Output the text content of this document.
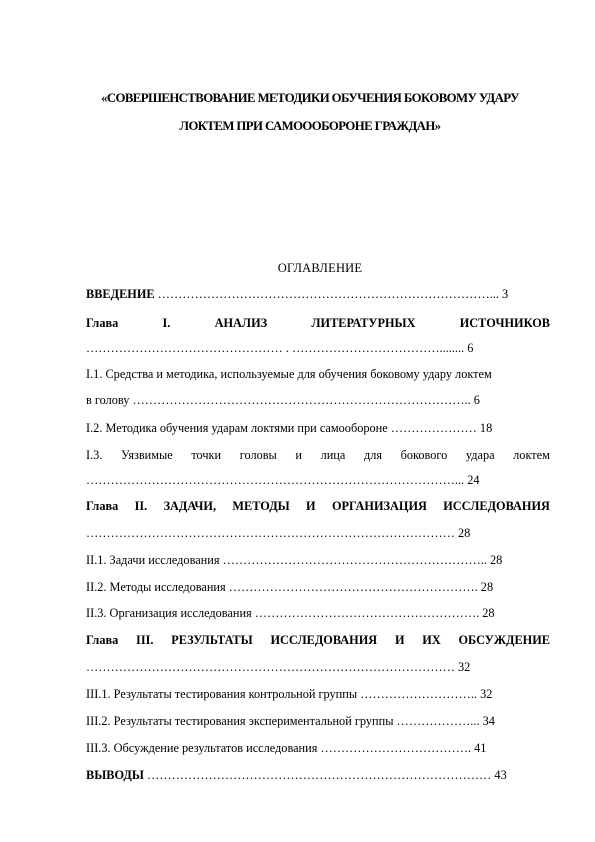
«СОВЕРШЕНСТВОВАНИЕ МЕТОДИКИ ОБУЧЕНИЯ БОКОВОМУ УДАРУ
ЛОКТЕМ ПРИ САМОООБОРОНЕ ГРАЖДАН»
ОГЛАВЛЕНИЕ
ВВЕДЕНИЕ ………………………………………………………………………... 3
Глава	I.	АНАЛИЗ	ЛИТЕРАТУРНЫХ	ИСТОЧНИКОВ
………………………………………… . ………………………………........ 6
I.1. Средства и методика, используемые для обучения боковому удару локтем
в голову ……………………………………………………………………….. 6
I.2. Методика обучения ударам локтями при самообороне ………………… 18
I.3. Уязвимые точки головы и лица для бокового удара локтем
………………………………………………………………………………... 24
Глава II. ЗАДАЧИ, МЕТОДЫ И ОРГАНИЗАЦИЯ ИССЛЕДОВАНИЯ
……………………………………………………………………………… 28
II.1. Задачи исследования ……………………………………………………….. 28
II.2. Методы исследования ……………………………………………………. 28
II.3. Организация исследования ………………………………………………. 28
Глава III. РЕЗУЛЬТАТЫ ИССЛЕДОВАНИЯ И ИХ ОБСУЖДЕНИЕ
……………………………………………………………………………… 32
III.1. Результаты тестирования контрольной группы ……………………….. 32
III.2. Результаты тестирования экспериментальной группы ………………... 34
III.3. Обсуждение результатов исследования ………………………………. 41
ВЫВОДЫ ………………………………………………………………………… 43
